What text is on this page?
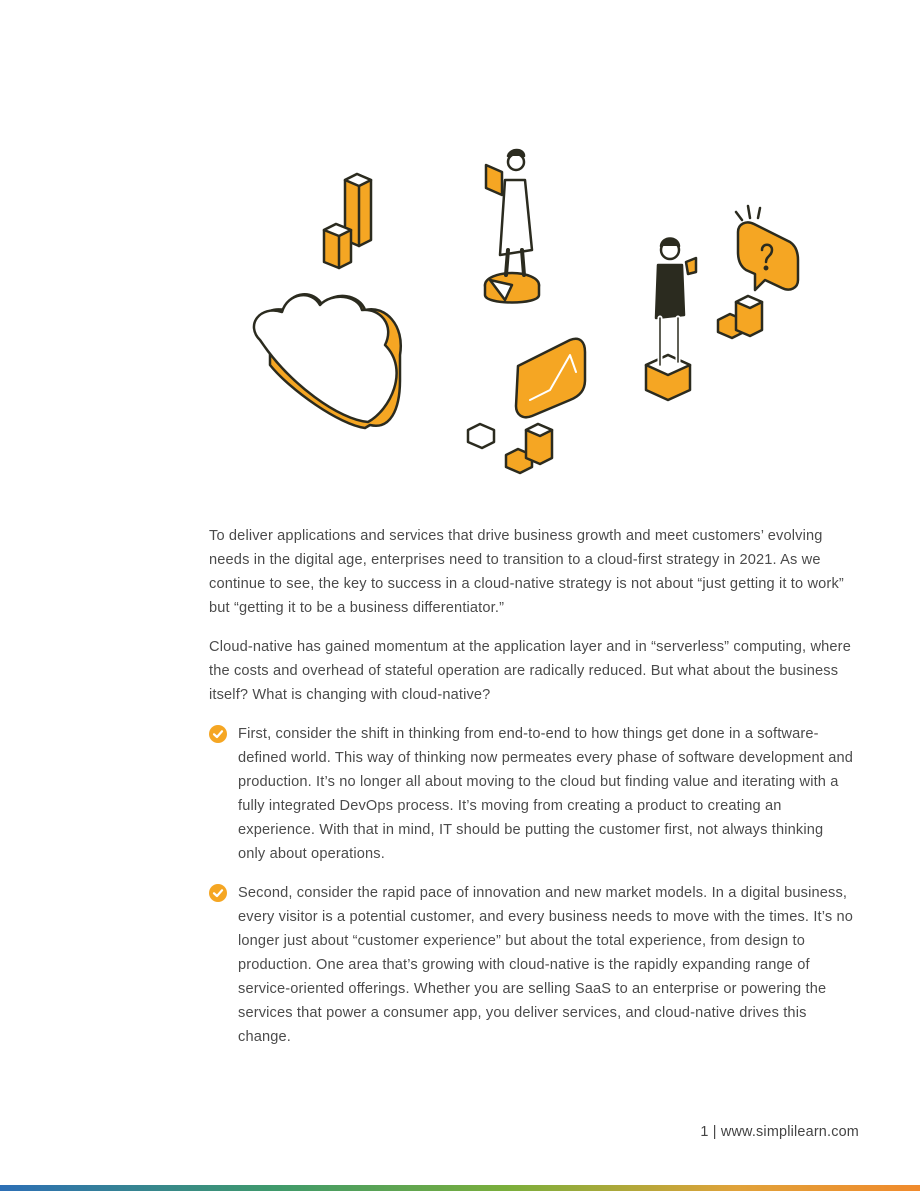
To deliver applications and services that drive business growth and meet customers’ evolving needs in the digital age, enterprises need to transition to a cloud-first strategy in 2021. As we continue to see, the key to success in a cloud-native strategy is not about “just getting it to work” but “getting it to be a business differentiator.”

Cloud-native has gained momentum at the application layer and in “serverless” computing, where the costs and overhead of stateful operation are radically reduced. But what about the business itself? What is changing with cloud-native?

First, consider the shift in thinking from end-to-end to how things get done in a software-defined world. This way of thinking now permeates every phase of software development and production. It’s no longer all about moving to the cloud but finding value and iterating with a fully integrated DevOps process. It’s moving from creating a product to creating an experience. With that in mind, IT should be putting the customer first, not always thinking only about operations.

Second, consider the rapid pace of innovation and new market models. In a digital business, every visitor is a potential customer, and every business needs to move with the times. It’s no longer just about “customer experience” but about the total experience, from design to production. One area that’s growing with cloud-native is the rapidly expanding range of service-oriented offerings. Whether you are selling SaaS to an enterprise or powering the services that power a consumer app, you deliver services, and cloud-native drives this change.

1 | www.simplilearn.com
